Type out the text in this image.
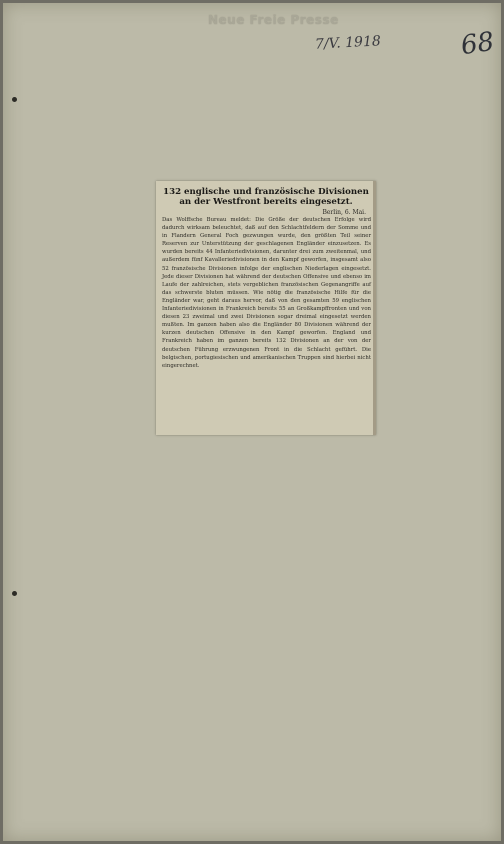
Neue Freie Presse
7/V. 1918	68
132 englische und französische Divisionen an der Westfront bereits eingesetzt.
Berlin, 6. Mai.
Das Wolffsche Bureau meldet: Die Größe der deutschen Erfolge wird dadurch wirksam beleuchtet, daß auf den Schlachtfeldern der Somme und in Flandern General Foch gezwungen wurde, den größten Teil seiner Reserven zur Unterstützung der geschlagenen Engländer einzusetzen. Es wurden bereits 44 Infanteriedivisionen, darunter drei zum zweitenmal, und außerdem fünf Kavalleriedivisionen in den Kampf geworfen, insgesamt also 52 französische Divisionen infolge der englischen Niederlagen eingesetzt. Jede dieser Divisionen hat während der deutschen Offensive und ebenso im Laufe der zahlreichen, stets vergeblichen französischen Gegenangriffe auf das schwerste bluten müssen. Wie nötig die französische Hilfe für die Engländer war, geht daraus hervor, daß von den gesamten 59 englischen Infanteriedivisionen in Frankreich bereits 55 an Großkampffronten und von diesen 23 zweimal und zwei Divisionen sogar dreimal eingesetzt werden mußten. Im ganzen haben also die Engländer 80 Divisionen während der kurzen deutschen Offensive in den Kampf geworfen. England und Frankreich haben im ganzen bereits 132 Divisionen an der von der deutschen Führung erzwungenen Front in die Schlacht geführt. Die belgischen, portugiesischen und amerikanischen Truppen sind hierbei nicht eingerechnet.
